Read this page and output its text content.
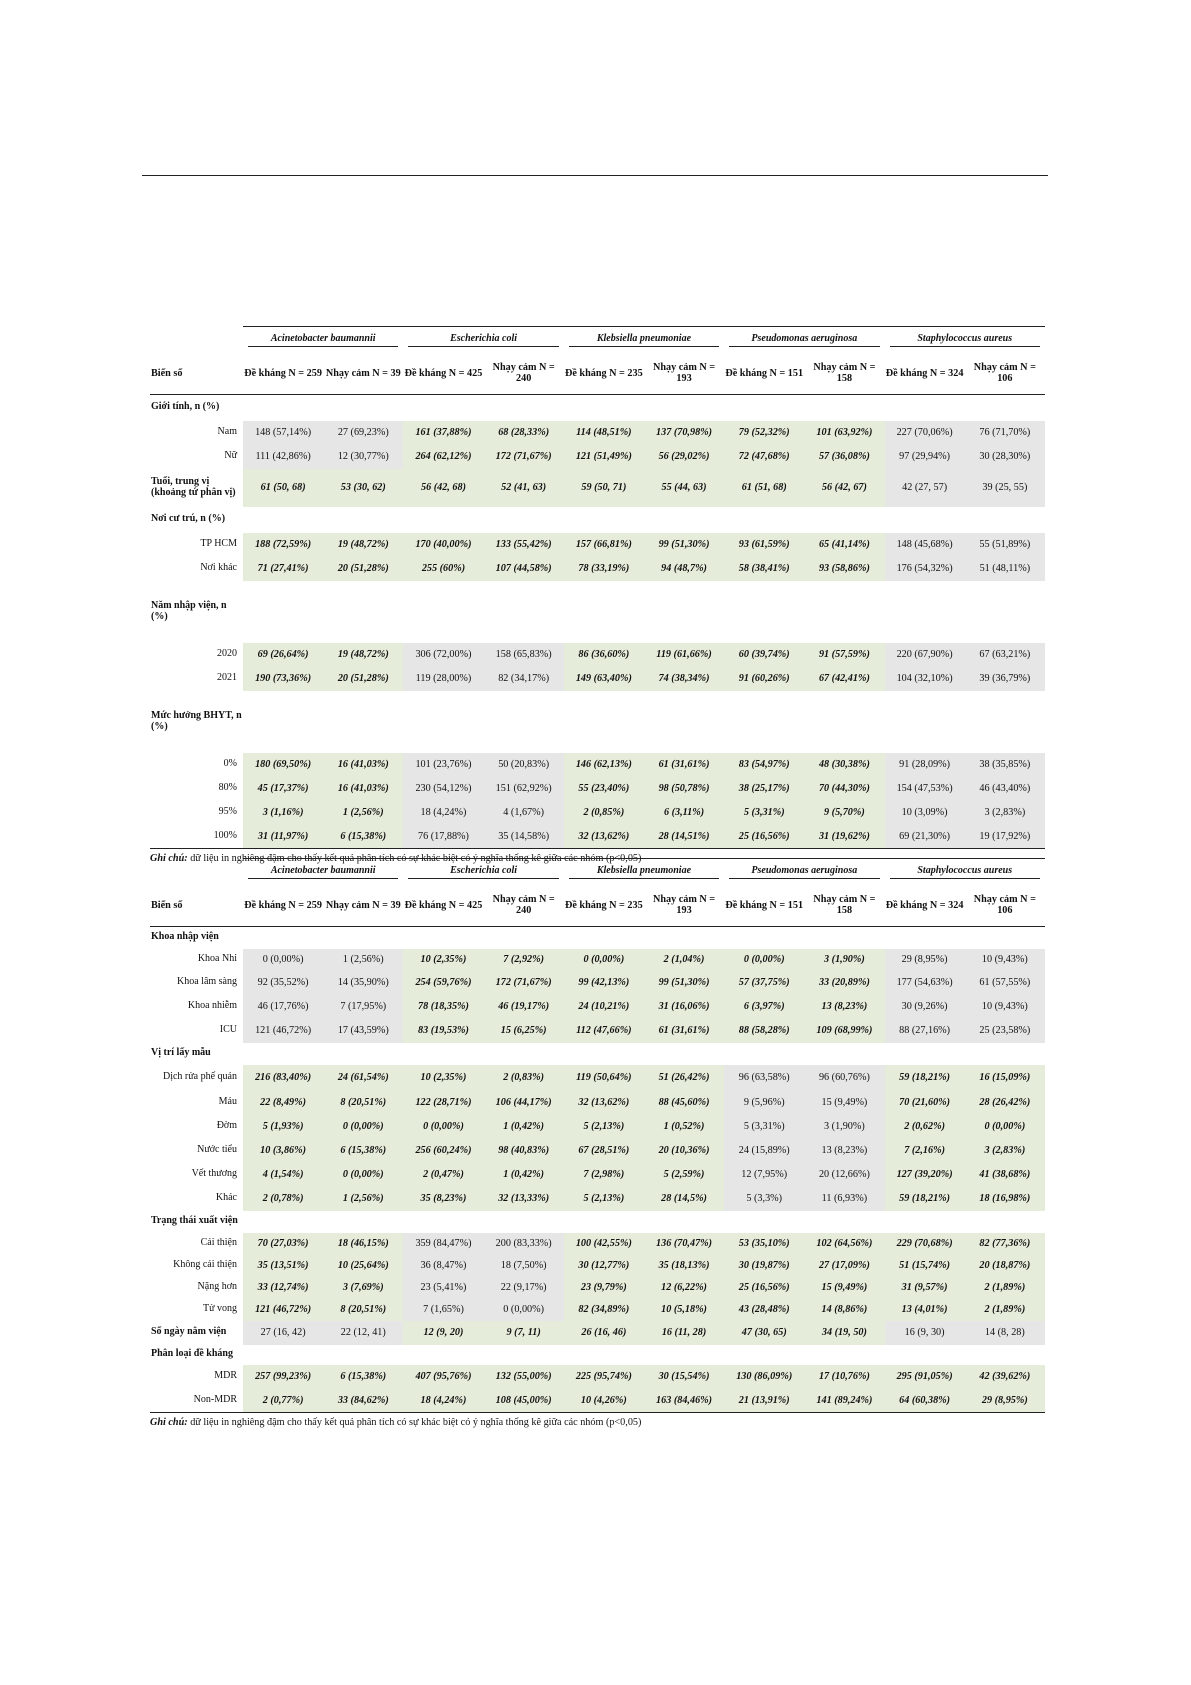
	Acinetobacter baumannii		Escherichia coli		Klebsiella pneumoniae		Pseudomonas aeruginosa		Staphylococcus aureus	

Biến số	Đề kháng N = 259	Nhạy cảm N = 39	Đề kháng N = 425	Nhạy cảm N = 240	Đề kháng N = 235	Nhạy cảm N = 193	Đề kháng N = 151	Nhạy cảm N = 158	Đề kháng N = 324	Nhạy cảm N = 106
Giới tính, n (%)										
Nam	148 (57,14%)	27 (69,23%)	161 (37,88%)	68 (28,33%)	114 (48,51%)	137 (70,98%)	79 (52,32%)	101 (63,92%)	227 (70,06%)	76 (71,70%)
Nữ	111 (42,86%)	12 (30,77%)	264 (62,12%)	172 (71,67%)	121 (51,49%)	56 (29,02%)	72 (47,68%)	57 (36,08%)	97 (29,94%)	30 (28,30%)
Tuổi, trung vị (khoảng tứ phân vị)	61 (50, 68)	53 (30, 62)	56 (42, 68)	52 (41, 63)	59 (50, 71)	55 (44, 63)	61 (51, 68)	56 (42, 67)	42 (27, 57)	39 (25, 55)
Nơi cư trú, n (%)										
TP HCM	188 (72,59%)	19 (48,72%)	170 (40,00%)	133 (55,42%)	157 (66,81%)	99 (51,30%)	93 (61,59%)	65 (41,14%)	148 (45,68%)	55 (51,89%)
Nơi khác	71 (27,41%)	20 (51,28%)	255 (60%)	107 (44,58%)	78 (33,19%)	94 (48,7%)	58 (38,41%)	93 (58,86%)	176 (54,32%)	51 (48,11%)
Năm nhập viện, n (%)										
2020	69 (26,64%)	19 (48,72%)	306 (72,00%)	158 (65,83%)	86 (36,60%)	119 (61,66%)	60 (39,74%)	91 (57,59%)	220 (67,90%)	67 (63,21%)
2021	190 (73,36%)	20 (51,28%)	119 (28,00%)	82 (34,17%)	149 (63,40%)	74 (38,34%)	91 (60,26%)	67 (42,41%)	104 (32,10%)	39 (36,79%)
Mức hưởng BHYT, n (%)										
0%	180 (69,50%)	16 (41,03%)	101 (23,76%)	50 (20,83%)	146 (62,13%)	61 (31,61%)	83 (54,97%)	48 (30,38%)	91 (28,09%)	38 (35,85%)
80%	45 (17,37%)	16 (41,03%)	230 (54,12%)	151 (62,92%)	55 (23,40%)	98 (50,78%)	38 (25,17%)	70 (44,30%)	154 (47,53%)	46 (43,40%)
95%	3 (1,16%)	1 (2,56%)	18 (4,24%)	4 (1,67%)	2 (0,85%)	6 (3,11%)	5 (3,31%)	9 (5,70%)	10 (3,09%)	3 (2,83%)
100%	31 (11,97%)	6 (15,38%)	76 (17,88%)	35 (14,58%)	32 (13,62%)	28 (14,51%)	25 (16,56%)	31 (19,62%)	69 (21,30%)	19 (17,92%)
Ghi chú: dữ liệu in nghiêng đậm cho thấy kết quả phân tích có sự khác biệt có ý nghĩa thống kê giữa các nhóm (p<0,05)

	Acinetobacter baumannii		Escherichia coli		Klebsiella pneumoniae		Pseudomonas aeruginosa		Staphylococcus aureus	

Biến số	Đề kháng N = 259	Nhạy cảm N = 39	Đề kháng N = 425	Nhạy cảm N = 240	Đề kháng N = 235	Nhạy cảm N = 193	Đề kháng N = 151	Nhạy cảm N = 158	Đề kháng N = 324	Nhạy cảm N = 106
Khoa nhập viện										
Khoa Nhi	0 (0,00%)	1 (2,56%)	10 (2,35%)	7 (2,92%)	0 (0,00%)	2 (1,04%)	0 (0,00%)	3 (1,90%)	29 (8,95%)	10 (9,43%)
Khoa lâm sàng	92 (35,52%)	14 (35,90%)	254 (59,76%)	172 (71,67%)	99 (42,13%)	99 (51,30%)	57 (37,75%)	33 (20,89%)	177 (54,63%)	61 (57,55%)
Khoa nhiễm	46 (17,76%)	7 (17,95%)	78 (18,35%)	46 (19,17%)	24 (10,21%)	31 (16,06%)	6 (3,97%)	13 (8,23%)	30 (9,26%)	10 (9,43%)
ICU	121 (46,72%)	17 (43,59%)	83 (19,53%)	15 (6,25%)	112 (47,66%)	61 (31,61%)	88 (58,28%)	109 (68,99%)	88 (27,16%)	25 (23,58%)
Vị trí lấy mẫu										
Dịch rửa phế quản	216 (83,40%)	24 (61,54%)	10 (2,35%)	2 (0,83%)	119 (50,64%)	51 (26,42%)	96 (63,58%)	96 (60,76%)	59 (18,21%)	16 (15,09%)
Máu	22 (8,49%)	8 (20,51%)	122 (28,71%)	106 (44,17%)	32 (13,62%)	88 (45,60%)	9 (5,96%)	15 (9,49%)	70 (21,60%)	28 (26,42%)
Đờm	5 (1,93%)	0 (0,00%)	0 (0,00%)	1 (0,42%)	5 (2,13%)	1 (0,52%)	5 (3,31%)	3 (1,90%)	2 (0,62%)	0 (0,00%)
Nước tiểu	10 (3,86%)	6 (15,38%)	256 (60,24%)	98 (40,83%)	67 (28,51%)	20 (10,36%)	24 (15,89%)	13 (8,23%)	7 (2,16%)	3 (2,83%)
Vết thương	4 (1,54%)	0 (0,00%)	2 (0,47%)	1 (0,42%)	7 (2,98%)	5 (2,59%)	12 (7,95%)	20 (12,66%)	127 (39,20%)	41 (38,68%)
Khác	2 (0,78%)	1 (2,56%)	35 (8,23%)	32 (13,33%)	5 (2,13%)	28 (14,5%)	5 (3,3%)	11 (6,93%)	59 (18,21%)	18 (16,98%)
Trạng thái xuất viện										
Cải thiện	70 (27,03%)	18 (46,15%)	359 (84,47%)	200 (83,33%)	100 (42,55%)	136 (70,47%)	53 (35,10%)	102 (64,56%)	229 (70,68%)	82 (77,36%)
Không cải thiện	35 (13,51%)	10 (25,64%)	36 (8,47%)	18 (7,50%)	30 (12,77%)	35 (18,13%)	30 (19,87%)	27 (17,09%)	51 (15,74%)	20 (18,87%)
Nặng hơn	33 (12,74%)	3 (7,69%)	23 (5,41%)	22 (9,17%)	23 (9,79%)	12 (6,22%)	25 (16,56%)	15 (9,49%)	31 (9,57%)	2 (1,89%)
Tử vong	121 (46,72%)	8 (20,51%)	7 (1,65%)	0 (0,00%)	82 (34,89%)	10 (5,18%)	43 (28,48%)	14 (8,86%)	13 (4,01%)	2 (1,89%)
Số ngày nằm viện	27 (16, 42)	22 (12, 41)	12 (9, 20)	9 (7, 11)	26 (16, 46)	16 (11, 28)	47 (30, 65)	34 (19, 50)	16 (9, 30)	14 (8, 28)
Phân loại đề kháng										
MDR	257 (99,23%)	6 (15,38%)	407 (95,76%)	132 (55,00%)	225 (95,74%)	30 (15,54%)	130 (86,09%)	17 (10,76%)	295 (91,05%)	42 (39,62%)
Non-MDR	2 (0,77%)	33 (84,62%)	18 (4,24%)	108 (45,00%)	10 (4,26%)	163 (84,46%)	21 (13,91%)	141 (89,24%)	64 (60,38%)	29 (8,95%)
Ghi chú: dữ liệu in nghiêng đậm cho thấy kết quả phân tích có sự khác biệt có ý nghĩa thống kê giữa các nhóm (p<0,05)
